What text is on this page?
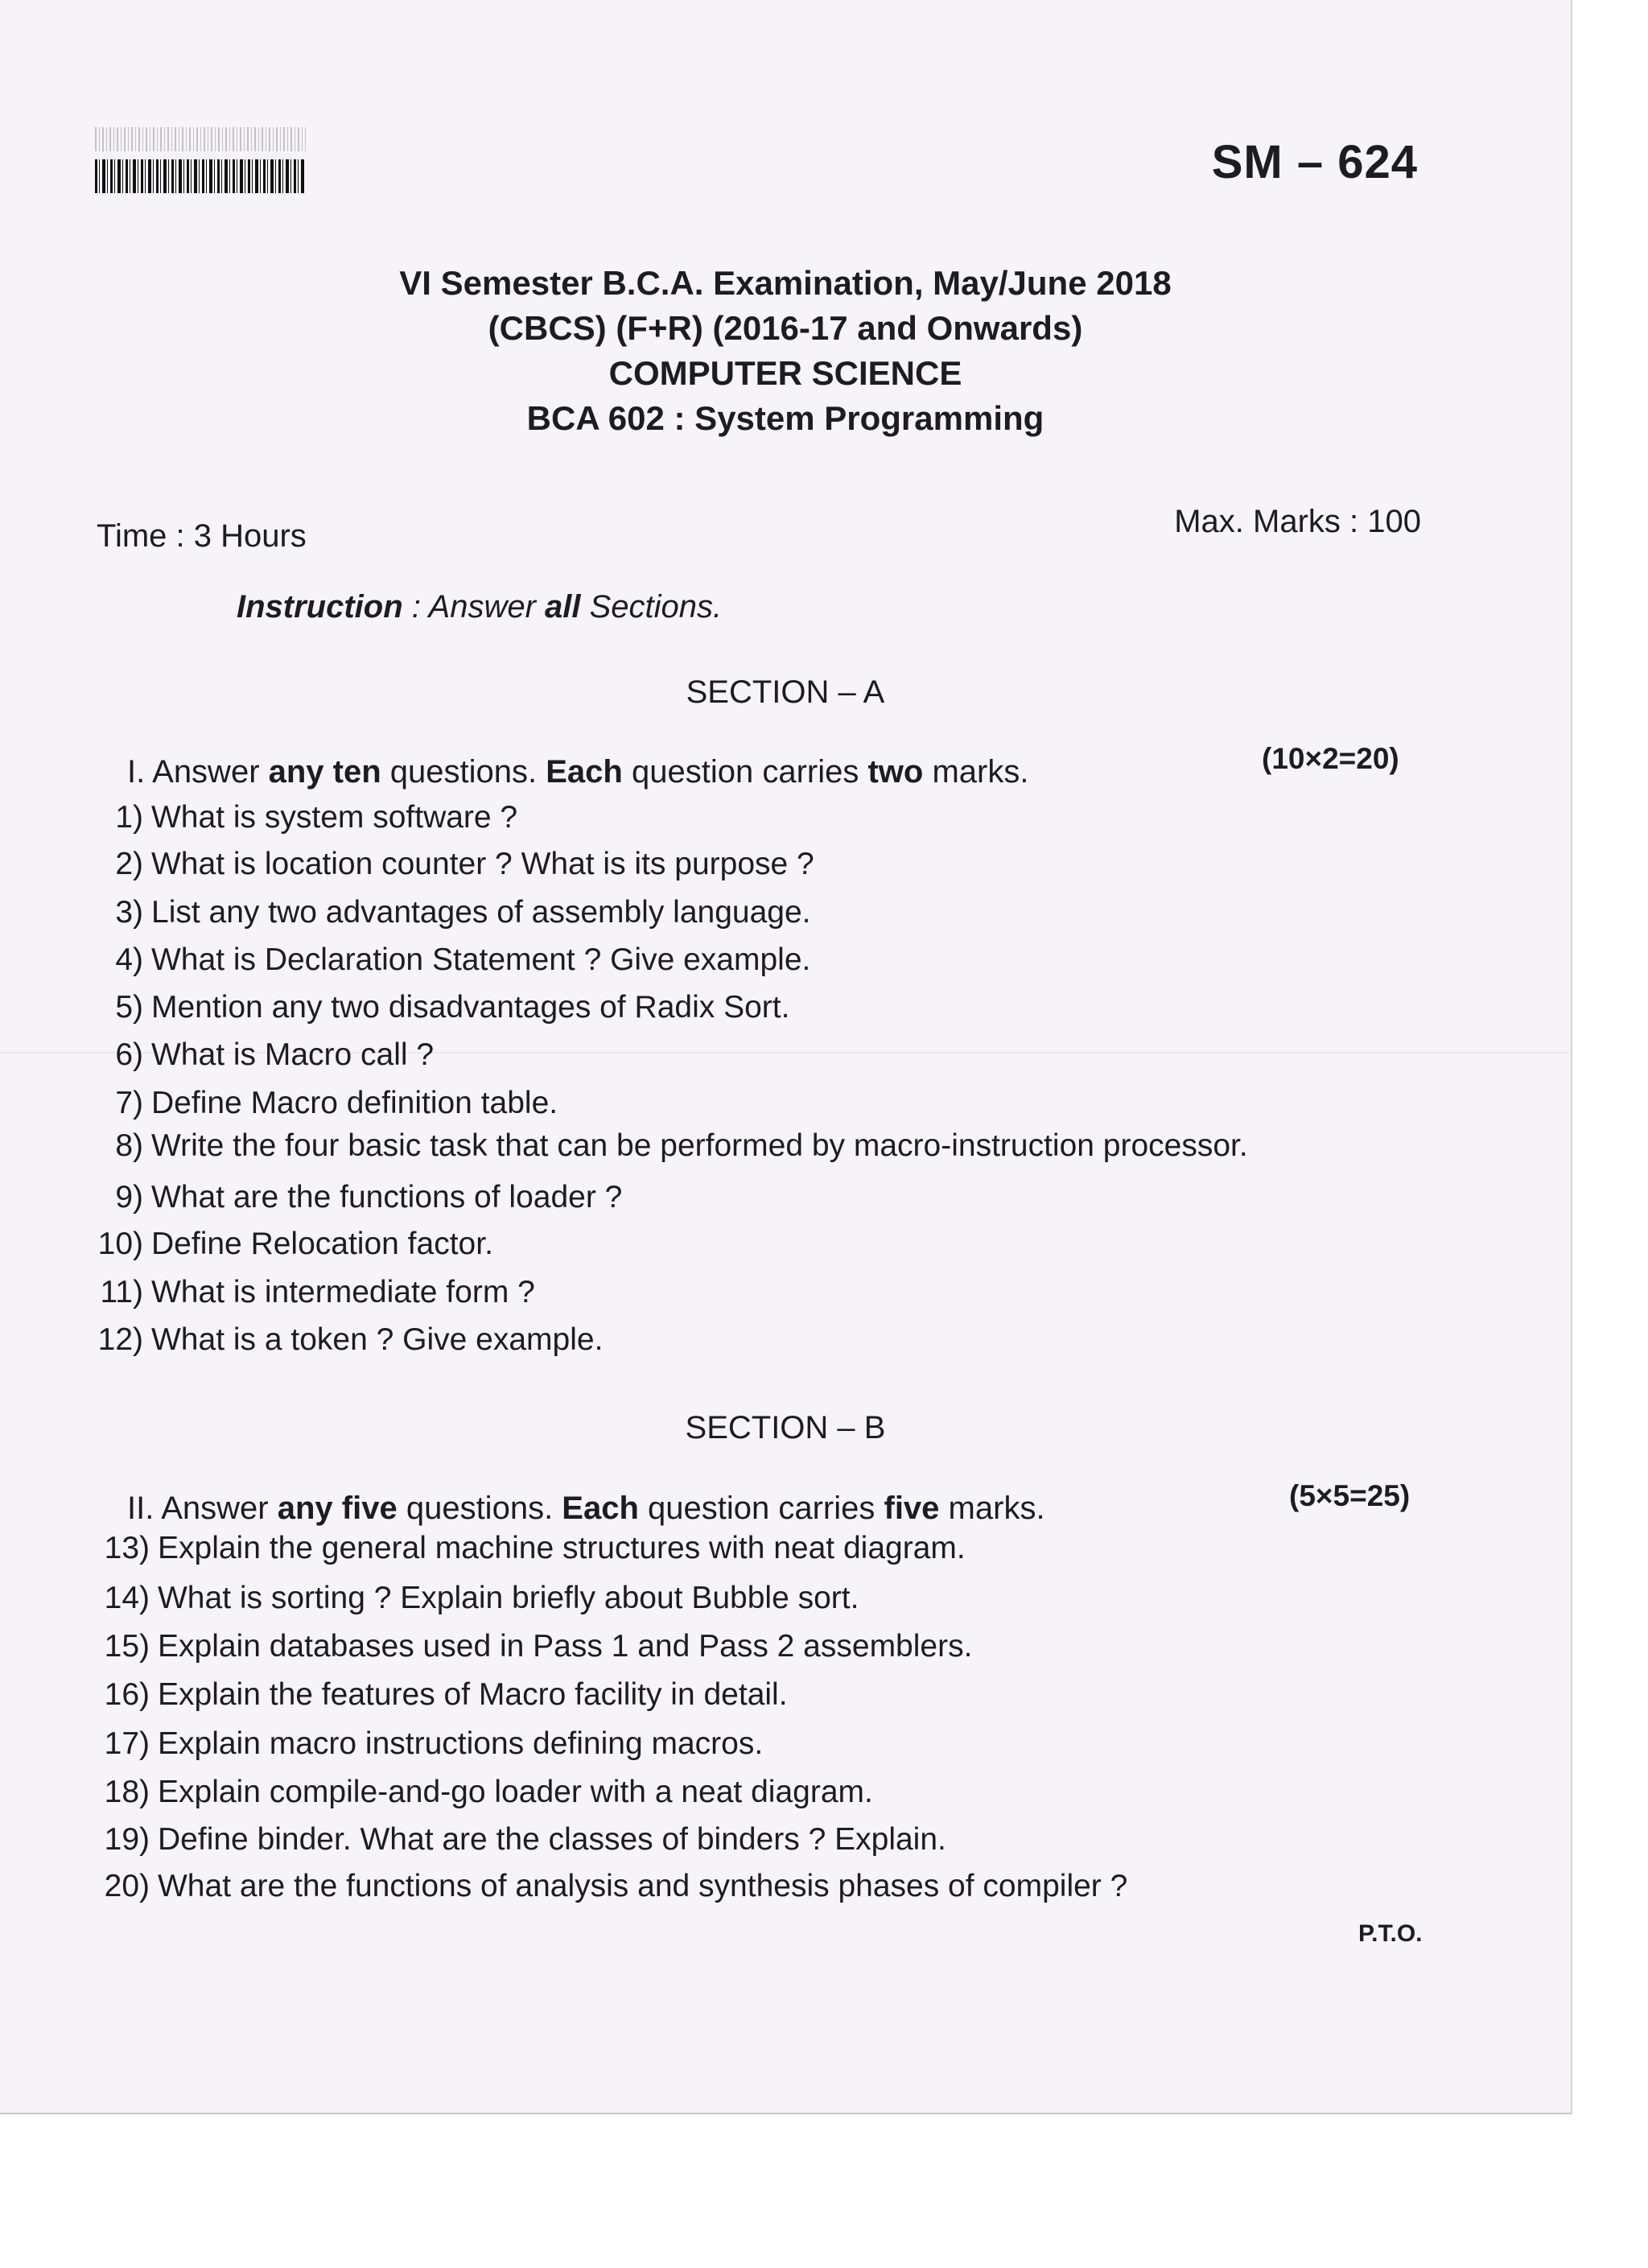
SM – 624
VI Semester B.C.A. Examination, May/June 2018
(CBCS) (F+R) (2016-17 and Onwards)
COMPUTER SCIENCE
BCA 602 : System Programming
Time : 3 Hours	Max. Marks : 100
Instruction : Answer all Sections.
SECTION – A
I. Answer any ten questions. Each question carries two marks.	(10×2=20)
1) What is system software ?
2) What is location counter ? What is its purpose ?
3) List any two advantages of assembly language.
4) What is Declaration Statement ? Give example.
5) Mention any two disadvantages of Radix Sort.
6) What is Macro call ?
7) Define Macro definition table.
8) Write the four basic task that can be performed by macro-instruction processor.
9) What are the functions of loader ?
10) Define Relocation factor.
11) What is intermediate form ?
12) What is a token ? Give example.
SECTION – B
II. Answer any five questions. Each question carries five marks.	(5×5=25)
13) Explain the general machine structures with neat diagram.
14) What is sorting ? Explain briefly about Bubble sort.
15) Explain databases used in Pass 1 and Pass 2 assemblers.
16) Explain the features of Macro facility in detail.
17) Explain macro instructions defining macros.
18) Explain compile-and-go loader with a neat diagram.
19) Define binder. What are the classes of binders ? Explain.
20) What are the functions of analysis and synthesis phases of compiler ?
P.T.O.
